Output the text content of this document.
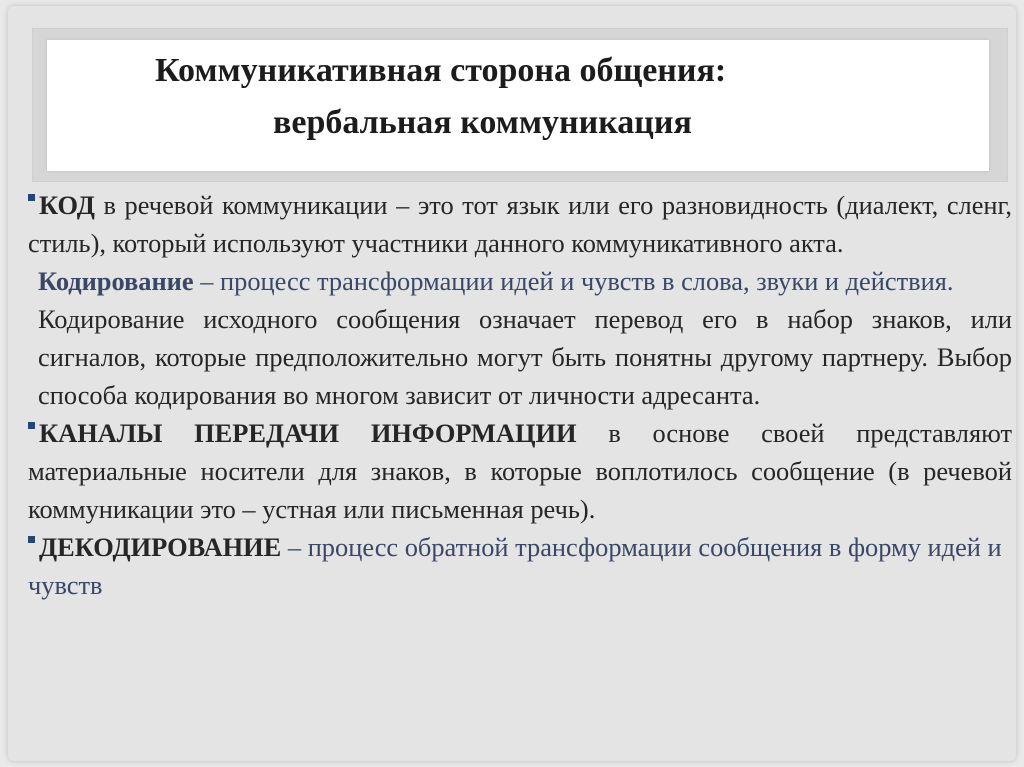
Коммуникативная сторона общения:
вербальная коммуникация

КОД в речевой коммуникации – это тот язык или его разновидность (диалект, сленг, стиль), который используют участники данного коммуникативного акта.

Кодирование – процесс трансформации идей и чувств в слова, звуки и действия.

Кодирование исходного сообщения означает перевод его в набор знаков, или сигналов, которые предположительно могут быть понятны другому партнеру. Выбор способа кодирования во многом зависит от личности адресанта.

КАНАЛЫ ПЕРЕДАЧИ ИНФОРМАЦИИ в основе своей представляют материальные носители для знаков, в которые воплотилось сообщение (в речевой коммуникации это – устная или письменная речь).

ДЕКОДИРОВАНИЕ – процесс обратной трансформации сообщения в форму идей и чувств
